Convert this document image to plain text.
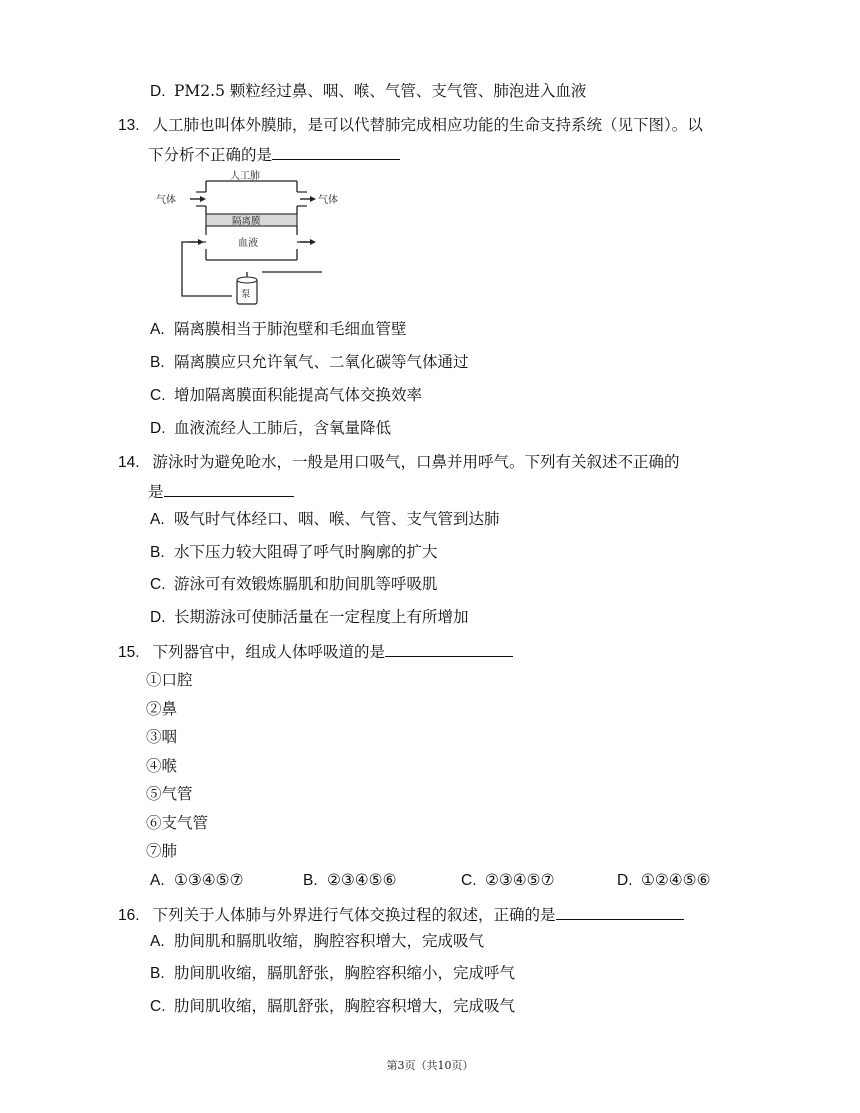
D. PM2.5 颗粒经过鼻、咽、喉、气管、支气管、肺泡进入血液
13. 人工肺也叫体外膜肺，是可以代替肺完成相应功能的生命支持系统（见下图）。以
下分析不正确的是
人工肺
气体	气体
隔离膜
血液
泵
A. 隔离膜相当于肺泡壁和毛细血管壁
B. 隔离膜应只允许氧气、二氧化碳等气体通过
C. 增加隔离膜面积能提高气体交换效率
D. 血液流经人工肺后，含氧量降低
14. 游泳时为避免呛水，一般是用口吸气，口鼻并用呼气。下列有关叙述不正确的
是
A. 吸气时气体经口、咽、喉、气管、支气管到达肺
B. 水下压力较大阻碍了呼气时胸廓的扩大
C. 游泳可有效锻炼膈肌和肋间肌等呼吸肌
D. 长期游泳可使肺活量在一定程度上有所增加
15. 下列器官中，组成人体呼吸道的是
①口腔
②鼻
③咽
④喉
⑤气管
⑥支气管
⑦肺
A. ①③④⑤⑦	B. ②③④⑤⑥	C. ②③④⑤⑦	D. ①②④⑤⑥
16. 下列关于人体肺与外界进行气体交换过程的叙述，正确的是
A. 肋间肌和膈肌收缩，胸腔容积增大，完成吸气
B. 肋间肌收缩，膈肌舒张，胸腔容积缩小，完成呼气
C. 肋间肌收缩，膈肌舒张，胸腔容积增大，完成吸气
第3页（共10页）
